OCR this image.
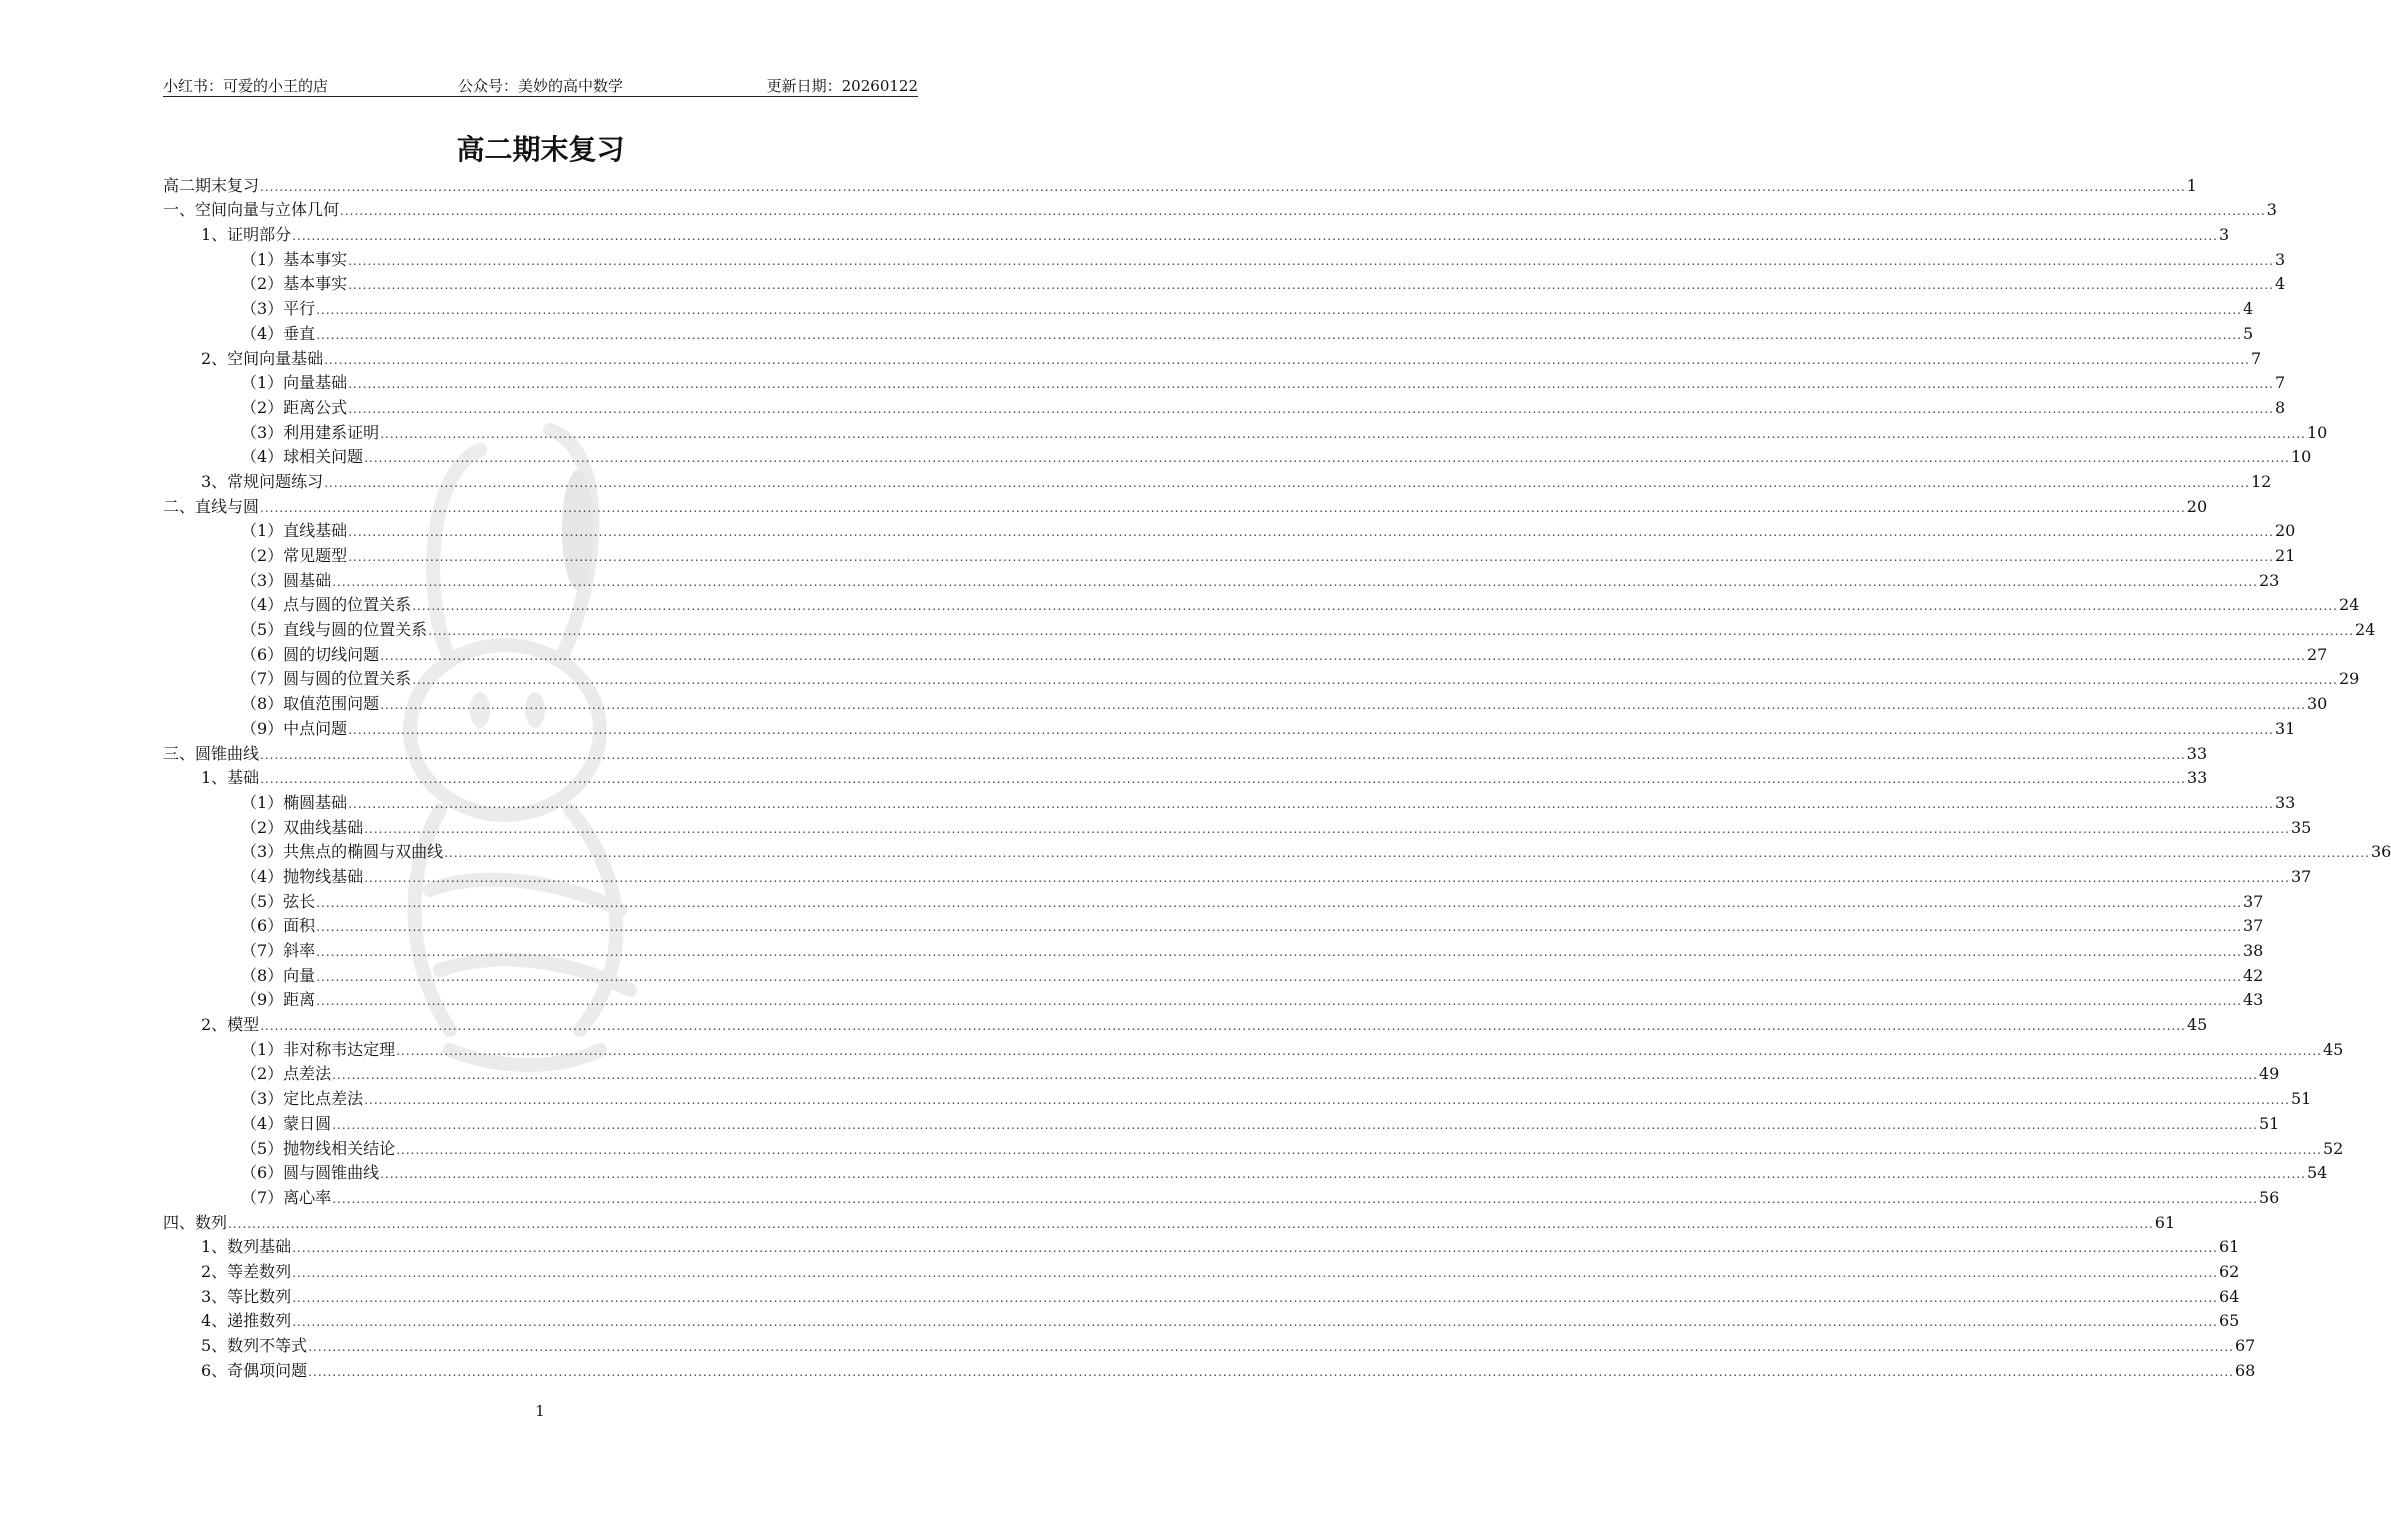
小红书：可爱的小王的店	公众号：美妙的高中数学	更新日期：20260122
高二期末复习
高二期末复习 ................................................................................................................................................................................................................................................................................................................................................................................................................ 1
一、空间向量与立体几何 ................................................................................................................................................................................................................................................................................................................................................................................................................ 3
1、证明部分 ................................................................................................................................................................................................................................................................................................................................................................................................................ 3
（1）基本事实 ................................................................................................................................................................................................................................................................................................................................................................................................................ 3
（2）基本事实 ................................................................................................................................................................................................................................................................................................................................................................................................................ 4
（3）平行 ................................................................................................................................................................................................................................................................................................................................................................................................................ 4
（4）垂直 ................................................................................................................................................................................................................................................................................................................................................................................................................ 5
2、空间向量基础 ................................................................................................................................................................................................................................................................................................................................................................................................................ 7
（1）向量基础 ................................................................................................................................................................................................................................................................................................................................................................................................................ 7
（2）距离公式 ................................................................................................................................................................................................................................................................................................................................................................................................................ 8
（3）利用建系证明 ................................................................................................................................................................................................................................................................................................................................................................................................................ 10
（4）球相关问题 ................................................................................................................................................................................................................................................................................................................................................................................................................ 10
3、常规问题练习 ................................................................................................................................................................................................................................................................................................................................................................................................................ 12
二、直线与圆 ................................................................................................................................................................................................................................................................................................................................................................................................................ 20
（1）直线基础 ................................................................................................................................................................................................................................................................................................................................................................................................................ 20
（2）常见题型 ................................................................................................................................................................................................................................................................................................................................................................................................................ 21
（3）圆基础 ................................................................................................................................................................................................................................................................................................................................................................................................................ 23
（4）点与圆的位置关系 ................................................................................................................................................................................................................................................................................................................................................................................................................ 24
（5）直线与圆的位置关系 ................................................................................................................................................................................................................................................................................................................................................................................................................ 24
（6）圆的切线问题 ................................................................................................................................................................................................................................................................................................................................................................................................................ 27
（7）圆与圆的位置关系 ................................................................................................................................................................................................................................................................................................................................................................................................................ 29
（8）取值范围问题 ................................................................................................................................................................................................................................................................................................................................................................................................................ 30
（9）中点问题 ................................................................................................................................................................................................................................................................................................................................................................................................................ 31
三、圆锥曲线 ................................................................................................................................................................................................................................................................................................................................................................................................................ 33
1、基础 ................................................................................................................................................................................................................................................................................................................................................................................................................ 33
（1）椭圆基础 ................................................................................................................................................................................................................................................................................................................................................................................................................ 33
（2）双曲线基础 ................................................................................................................................................................................................................................................................................................................................................................................................................ 35
（3）共焦点的椭圆与双曲线 ................................................................................................................................................................................................................................................................................................................................................................................................................ 36
（4）抛物线基础 ................................................................................................................................................................................................................................................................................................................................................................................................................ 37
（5）弦长 ................................................................................................................................................................................................................................................................................................................................................................................................................ 37
（6）面积 ................................................................................................................................................................................................................................................................................................................................................................................................................ 37
（7）斜率 ................................................................................................................................................................................................................................................................................................................................................................................................................ 38
（8）向量 ................................................................................................................................................................................................................................................................................................................................................................................................................ 42
（9）距离 ................................................................................................................................................................................................................................................................................................................................................................................................................ 43
2、模型 ................................................................................................................................................................................................................................................................................................................................................................................................................ 45
（1）非对称韦达定理 ................................................................................................................................................................................................................................................................................................................................................................................................................ 45
（2）点差法 ................................................................................................................................................................................................................................................................................................................................................................................................................ 49
（3）定比点差法 ................................................................................................................................................................................................................................................................................................................................................................................................................ 51
（4）蒙日圆 ................................................................................................................................................................................................................................................................................................................................................................................................................ 51
（5）抛物线相关结论 ................................................................................................................................................................................................................................................................................................................................................................................................................ 52
（6）圆与圆锥曲线 ................................................................................................................................................................................................................................................................................................................................................................................................................ 54
（7）离心率 ................................................................................................................................................................................................................................................................................................................................................................................................................ 56
四、数列 ................................................................................................................................................................................................................................................................................................................................................................................................................ 61
1、数列基础 ................................................................................................................................................................................................................................................................................................................................................................................................................ 61
2、等差数列 ................................................................................................................................................................................................................................................................................................................................................................................................................ 62
3、等比数列 ................................................................................................................................................................................................................................................................................................................................................................................................................ 64
4、递推数列 ................................................................................................................................................................................................................................................................................................................................................................................................................ 65
5、数列不等式 ................................................................................................................................................................................................................................................................................................................................................................................................................ 67
6、奇偶项问题 ................................................................................................................................................................................................................................................................................................................................................................................................................ 68
1
